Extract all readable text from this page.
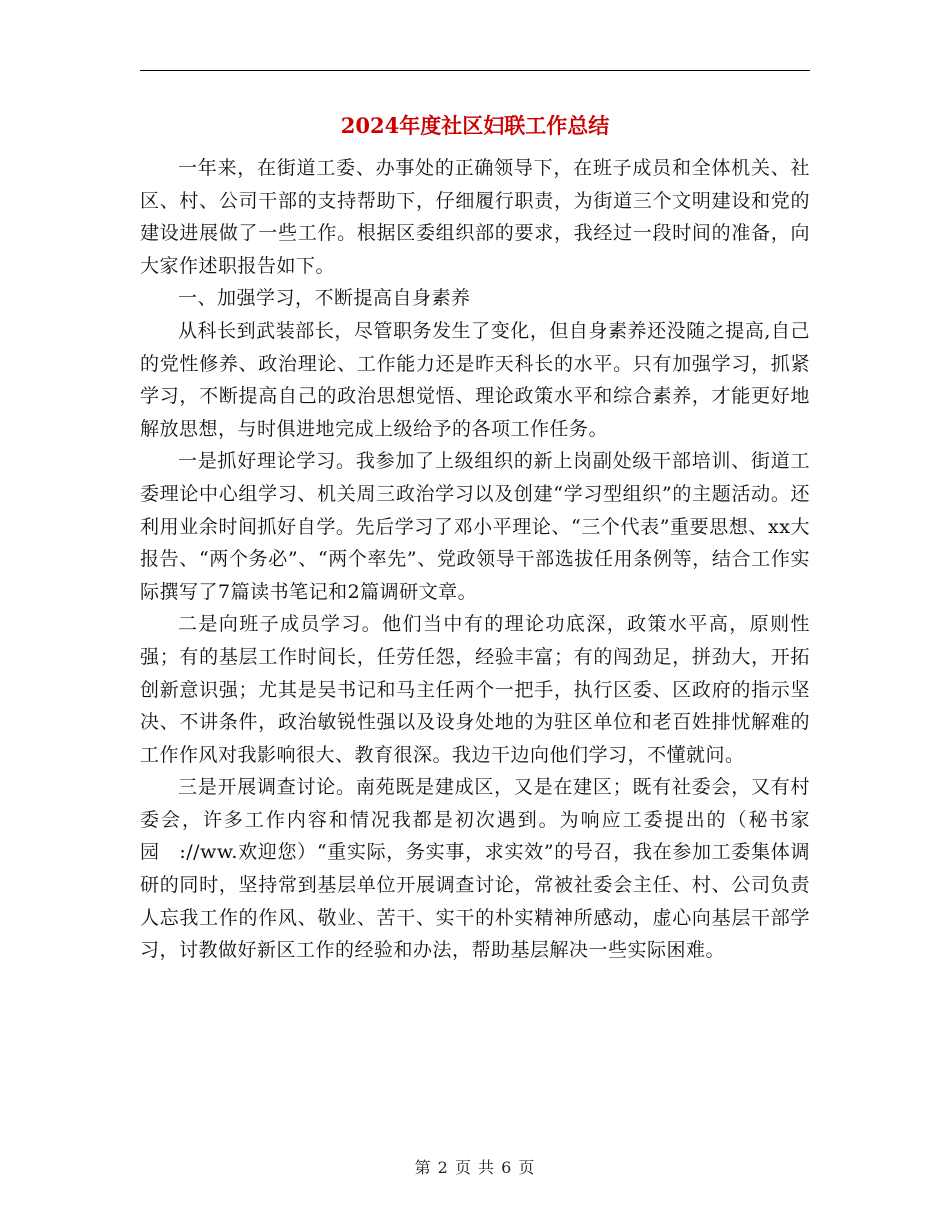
2024年度社区妇联工作总结

一年来，在街道工委、办事处的正确领导下，在班子成员和全体机关、社区、村、公司干部的支持帮助下，仔细履行职责，为街道三个文明建设和党的建设进展做了一些工作。根据区委组织部的要求，我经过一段时间的准备，向大家作述职报告如下。

一、加强学习，不断提高自身素养

从科长到武装部长，尽管职务发生了变化，但自身素养还没随之提高,自己的党性修养、政治理论、工作能力还是昨天科长的水平。只有加强学习，抓紧学习，不断提高自己的政治思想觉悟、理论政策水平和综合素养，才能更好地解放思想，与时俱进地完成上级给予的各项工作任务。

一是抓好理论学习。我参加了上级组织的新上岗副处级干部培训、街道工委理论中心组学习、机关周三政治学习以及创建“学习型组织”的主题活动。还利用业余时间抓好自学。先后学习了邓小平理论、“三个代表”重要思想、xx大报告、“两个务必”、“两个率先”、党政领导干部选拔任用条例等，结合工作实际撰写了7篇读书笔记和2篇调研文章。

二是向班子成员学习。他们当中有的理论功底深，政策水平高，原则性强；有的基层工作时间长，任劳任怨，经验丰富；有的闯劲足，拼劲大，开拓创新意识强；尤其是吴书记和马主任两个一把手，执行区委、区政府的指示坚决、不讲条件，政治敏锐性强以及设身处地的为驻区单位和老百姓排忧解难的工作作风对我影响很大、教育很深。我边干边向他们学习，不懂就问。

三是开展调查讨论。南苑既是建成区，又是在建区；既有社委会，又有村委会，许多工作内容和情况我都是初次遇到。为响应工委提出的（秘书家园　://ww.欢迎您）“重实际，务实事，求实效”的号召，我在参加工委集体调研的同时，坚持常到基层单位开展调查讨论，常被社委会主任、村、公司负责人忘我工作的作风、敬业、苦干、实干的朴实精神所感动，虚心向基层干部学习，讨教做好新区工作的经验和办法，帮助基层解决一些实际困难。

第 2 页 共 6 页
